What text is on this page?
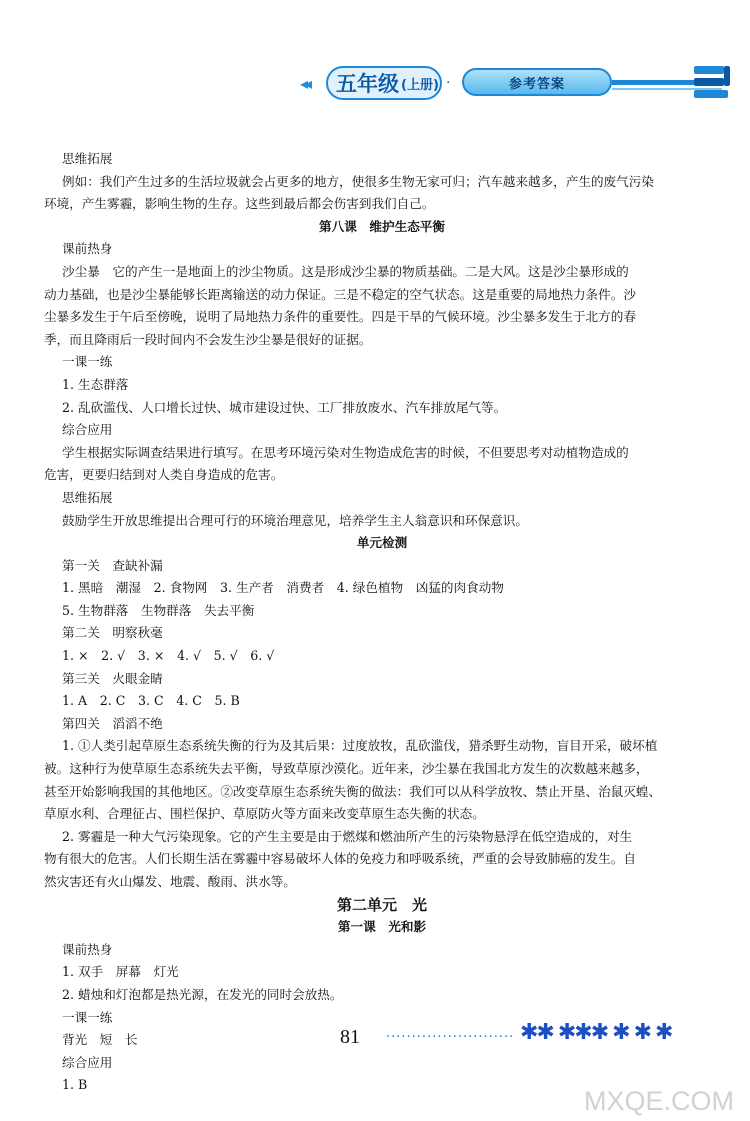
◂◂ 五年级 (上册) ·	参考答案

思维拓展

例如：我们产生过多的生活垃圾就会占更多的地方，使很多生物无家可归；汽车越来越多，产生的废气污染

环境，产生雾霾，影响生物的生存。这些到最后都会伤害到我们自己。

第八课　维护生态平衡

课前热身

沙尘暴　它的产生一是地面上的沙尘物质。这是形成沙尘暴的物质基础。二是大风。这是沙尘暴形成的

动力基础，也是沙尘暴能够长距离输送的动力保证。三是不稳定的空气状态。这是重要的局地热力条件。沙

尘暴多发生于午后至傍晚，说明了局地热力条件的重要性。四是干旱的气候环境。沙尘暴多发生于北方的春

季，而且降雨后一段时间内不会发生沙尘暴是很好的证据。

一课一练

1. 生态群落

2. 乱砍滥伐、人口增长过快、城市建设过快、工厂排放废水、汽车排放尾气等。

综合应用

学生根据实际调查结果进行填写。在思考环境污染对生物造成危害的时候，不但要思考对动植物造成的

危害，更要归结到对人类自身造成的危害。

思维拓展

鼓励学生开放思维提出合理可行的环境治理意见，培养学生主人翁意识和环保意识。

单元检测

第一关　查缺补漏

1. 黑暗　潮湿　2. 食物网　3. 生产者　消费者　4. 绿色植物　凶猛的肉食动物

5. 生物群落　生物群落　失去平衡

第二关　明察秋毫

1. ×　2. √　3. ×　4. √　5. √　6. √

第三关　火眼金睛

1. A　2. C　3. C　4. C　5. B

第四关　滔滔不绝

1. ①人类引起草原生态系统失衡的行为及其后果：过度放牧，乱砍滥伐，猎杀野生动物，盲目开采，破坏植

被。这种行为使草原生态系统失去平衡，导致草原沙漠化。近年来，沙尘暴在我国北方发生的次数越来越多，

甚至开始影响我国的其他地区。②改变草原生态系统失衡的做法：我们可以从科学放牧、禁止开垦、治鼠灭蝗、

草原水利、合理征占、围栏保护、草原防火等方面来改变草原生态失衡的状态。

2. 雾霾是一种大气污染现象。它的产生主要是由于燃煤和燃油所产生的污染物悬浮在低空造成的，对生

物有很大的危害。人们长期生活在雾霾中容易破坏人体的免疫力和呼吸系统，严重的会导致肺癌的发生。自

然灾害还有火山爆发、地震、酸雨、洪水等。

第二单元　光

第一课　光和影

课前热身

1. 双手　屏幕　灯光

2. 蜡烛和灯泡都是热光源，在发光的同时会放热。

一课一练

背光　短　长

综合应用

1. B

81 ························· ✱✱ ✱✱✱ ✱ ✱ ✱
MXQE.COM
